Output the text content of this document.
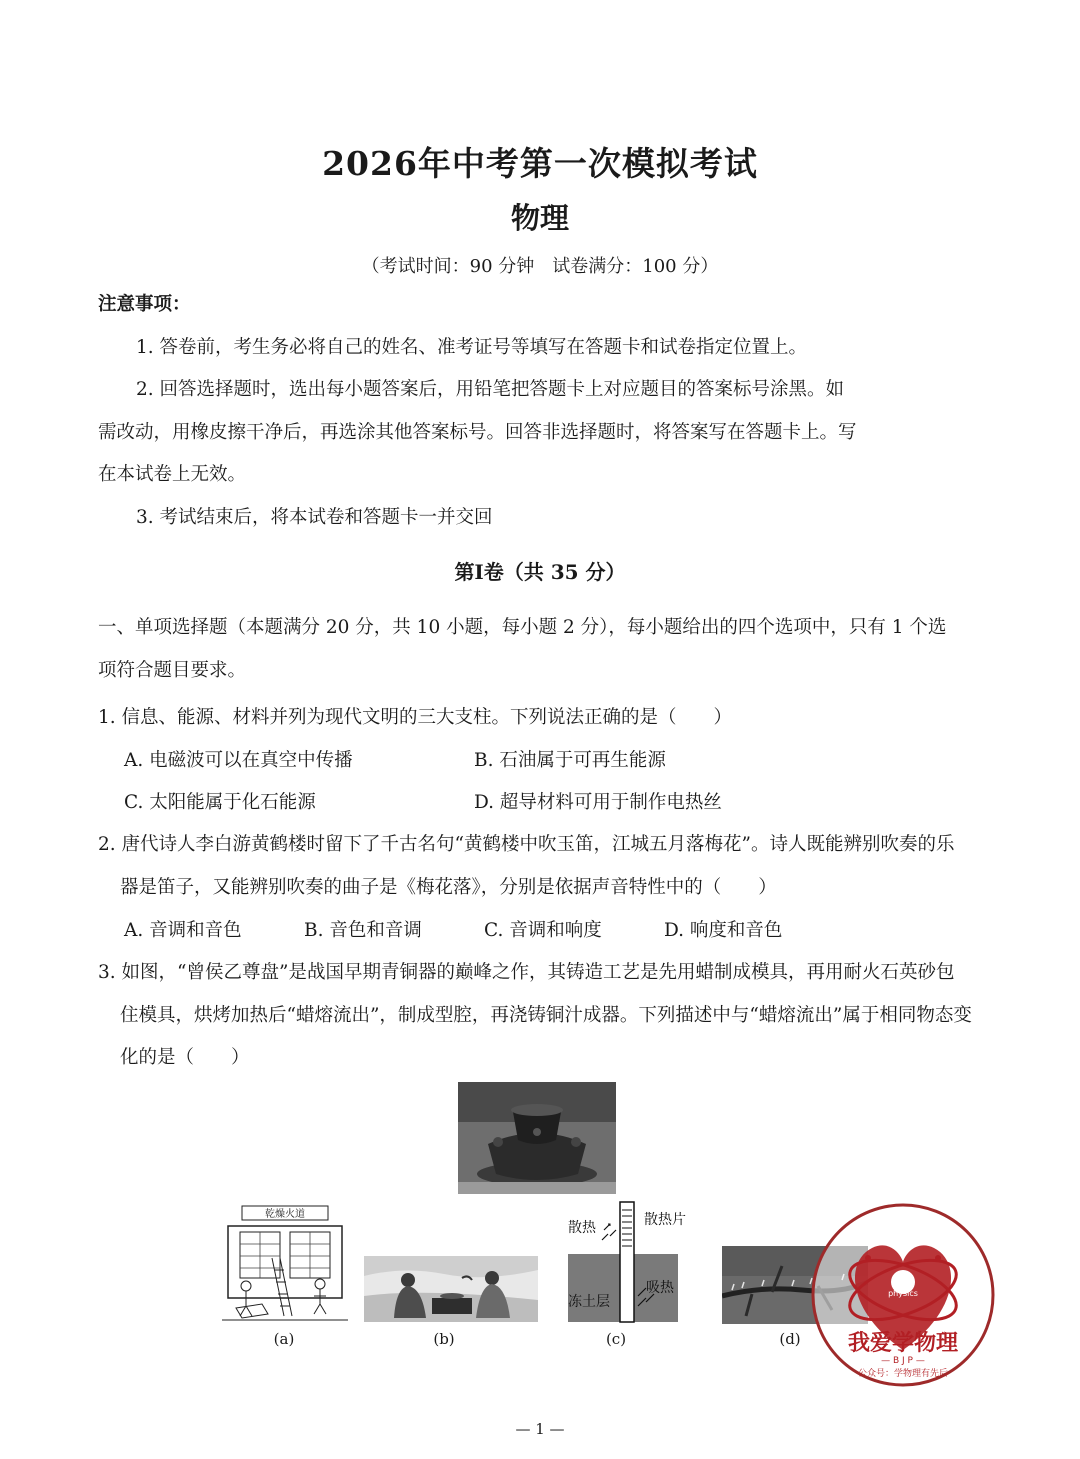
2026年中考第一次模拟考试
物理
（考试时间：90 分钟　试卷满分：100 分）
注意事项：
1. 答卷前，考生务必将自己的姓名、准考证号等填写在答题卡和试卷指定位置上。
2. 回答选择题时，选出每小题答案后，用铅笔把答题卡上对应题目的答案标号涂黑。如
需改动，用橡皮擦干净后，再选涂其他答案标号。回答非选择题时，将答案写在答题卡上。写
在本试卷上无效。
3. 考试结束后，将本试卷和答题卡一并交回
第Ⅰ卷（共 35 分）
一、单项选择题（本题满分 20 分，共 10 小题，每小题 2 分），每小题给出的四个选项中，只有 1 个选
项符合题目要求。
1. 信息、能源、材料并列为现代文明的三大支柱。下列说法正确的是（　　）
A. 电磁波可以在真空中传播	B. 石油属于可再生能源
C. 太阳能属于化石能源	D. 超导材料可用于制作电热丝
2. 唐代诗人李白游黄鹤楼时留下了千古名句“黄鹤楼中吹玉笛，江城五月落梅花”。诗人既能辨别吹奏的乐
器是笛子，又能辨别吹奏的曲子是《梅花落》，分别是依据声音特性中的（　　）
A. 音调和音色	B. 音色和音调	C. 音调和响度	D. 响度和音色
3. 如图，“曾侯乙尊盘”是战国早期青铜器的巅峰之作，其铸造工艺是先用蜡制成模具，再用耐火石英砂包
住模具，烘烤加热后“蜡熔流出”，制成型腔，再浇铸铜汁成器。下列描述中与“蜡熔流出”属于相同物态变
化的是（　　）
乾燥火道
(a)	(b)
散热	散热片
吸热
冻土层
(c)	(d)
physics
我爱学物理
— B J P —
公众号：学物理有先后
— 1 —
